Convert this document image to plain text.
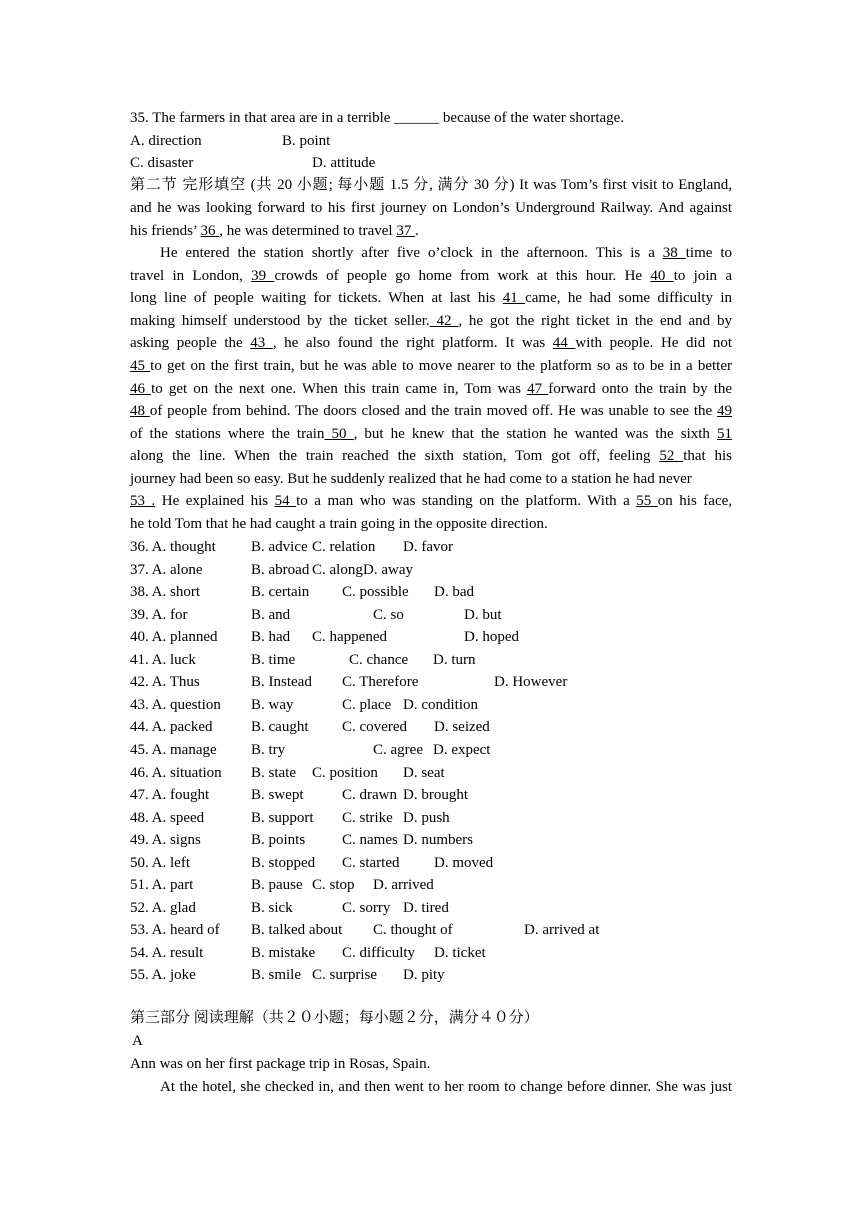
35. The farmers in that area are in a terrible ______ because of the water shortage.
A. direction	B. point
C. disaster	D. attitude
第二节 完形填空 (共 20 小题; 每小题 1.5 分, 满分 30 分) It was Tom’s first visit to England,
and he was looking forward to his first journey on London’s Underground Railway. And against
his friends’ 36 , he was determined to travel 37 .
He entered the station shortly after five o’clock in the afternoon. This is a 38 time to
travel in London, 39 crowds of people go home from work at this hour. He 40 to join a
long line of people waiting for tickets. When at last his 41 came, he had some difficulty in
making himself understood by the ticket seller. 42 , he got the right ticket in the end and by
asking people the 43 , he also found the right platform. It was 44 with people. He did not
45 to get on the first train, but he was able to move nearer to the platform so as to be in a better
46 to get on the next one. When this train came in, Tom was 47 forward onto the train by the
48 of people from behind. The doors closed and the train moved off. He was unable to see the 49
of the stations where the train 50 , but he knew that the station he wanted was the sixth 51
along the line. When the train reached the sixth station, Tom got off, feeling 52 that his
journey had been so easy. But he suddenly realized that he had come to a station he had never
53 . He explained his 54 to a man who was standing on the platform. With a 55 on his face,
he told Tom that he had caught a train going in the opposite direction.
36. A. thought B. advice C. relation D. favor
37. A. alone	B. abroad C. along D. away
38. A. short	B. certain C. possible D. bad
39. A. for	B. and	C. so	D. but
40. A. planned B. had C. happened	D. hoped
41. A. luck	B. time	C. chance D. turn
42. A. Thus	B. Instead C. Therefore	D. However
43. A. question B. way	C. place D. condition
44. A. packed	B. caught C. covered D. seized
45. A. manage B. try	C. agree D. expect
46. A. situation B. state C. position D. seat
47. A. fought	B. swept	C. drawn D. brought
48. A. speed	B. support C. strike D. push
49. A. signs	B. points C. names D. numbers
50. A. left	B. stopped C. started D. moved
51. A. part	B. pause C. stop D. arrived
52. A. glad	B. sick	C. sorry D. tired
53. A. heard of B. talked about C. thought of	D. arrived at
54. A. result	B. mistake C. difficulty D. ticket
55. A. joke	B. smile C. surprise D. pity
第三部分 阅读理解（共２０小题；每小题２分，满分４０分）
A
Ann was on her first package trip in Rosas, Spain.
At the hotel, she checked in, and then went to her room to change before dinner. She was just
